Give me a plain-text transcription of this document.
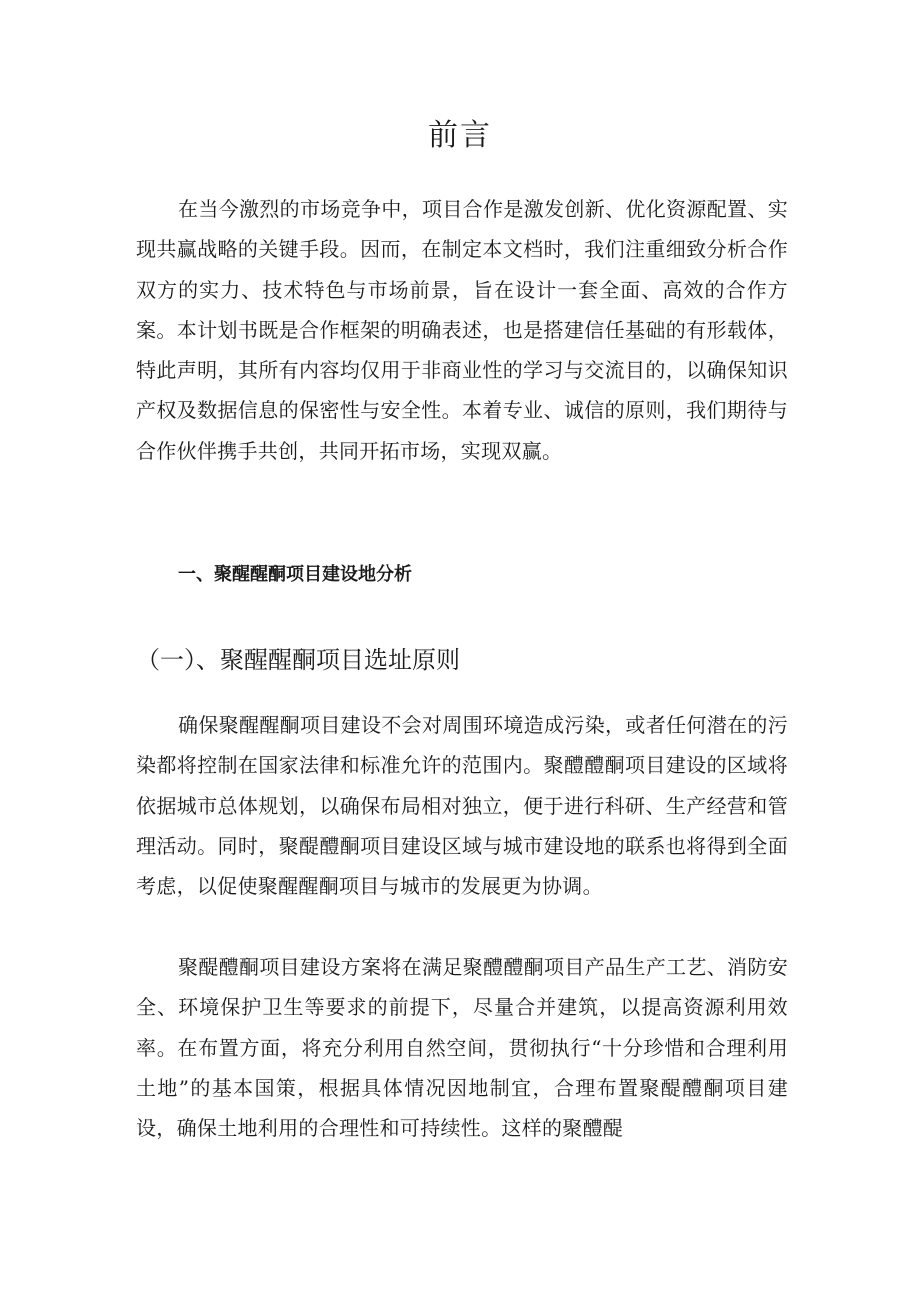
前言

在当今激烈的市场竞争中，项目合作是激发创新、优化资源配置、实现共赢战略的关键手段。因而，在制定本文档时，我们注重细致分析合作双方的实力、技术特色与市场前景，旨在设计一套全面、高效的合作方案。本计划书既是合作框架的明确表述，也是搭建信任基础的有形载体，特此声明，其所有内容均仅用于非商业性的学习与交流目的，以确保知识产权及数据信息的保密性与安全性。本着专业、诚信的原则，我们期待与合作伙伴携手共创，共同开拓市场，实现双赢。

一、聚醒醒酮项目建设地分析
（一）、聚醒醒酮项目选址原则

确保聚醒醒酮项目建设不会对周围环境造成污染，或者任何潜在的污染都将控制在国家法律和标准允许的范围内。聚醴醴酮项目建设的区域将依据城市总体规划，以确保布局相对独立，便于进行科研、生产经营和管理活动。同时，聚醍醴酮项目建设区域与城市建设地的联系也将得到全面考虑，以促使聚醒醒酮项目与城市的发展更为协调。

聚醍醴酮项目建设方案将在满足聚醴醴酮项目产品生产工艺、消防安全、环境保护卫生等要求的前提下，尽量合并建筑，以提高资源利用效率。在布置方面，将充分利用自然空间，贯彻执行“十分珍惜和合理利用土地”的基本国策，根据具体情况因地制宜，合理布置聚醍醴酮项目建设，确保土地利用的合理性和可持续性。这样的聚醴醍
